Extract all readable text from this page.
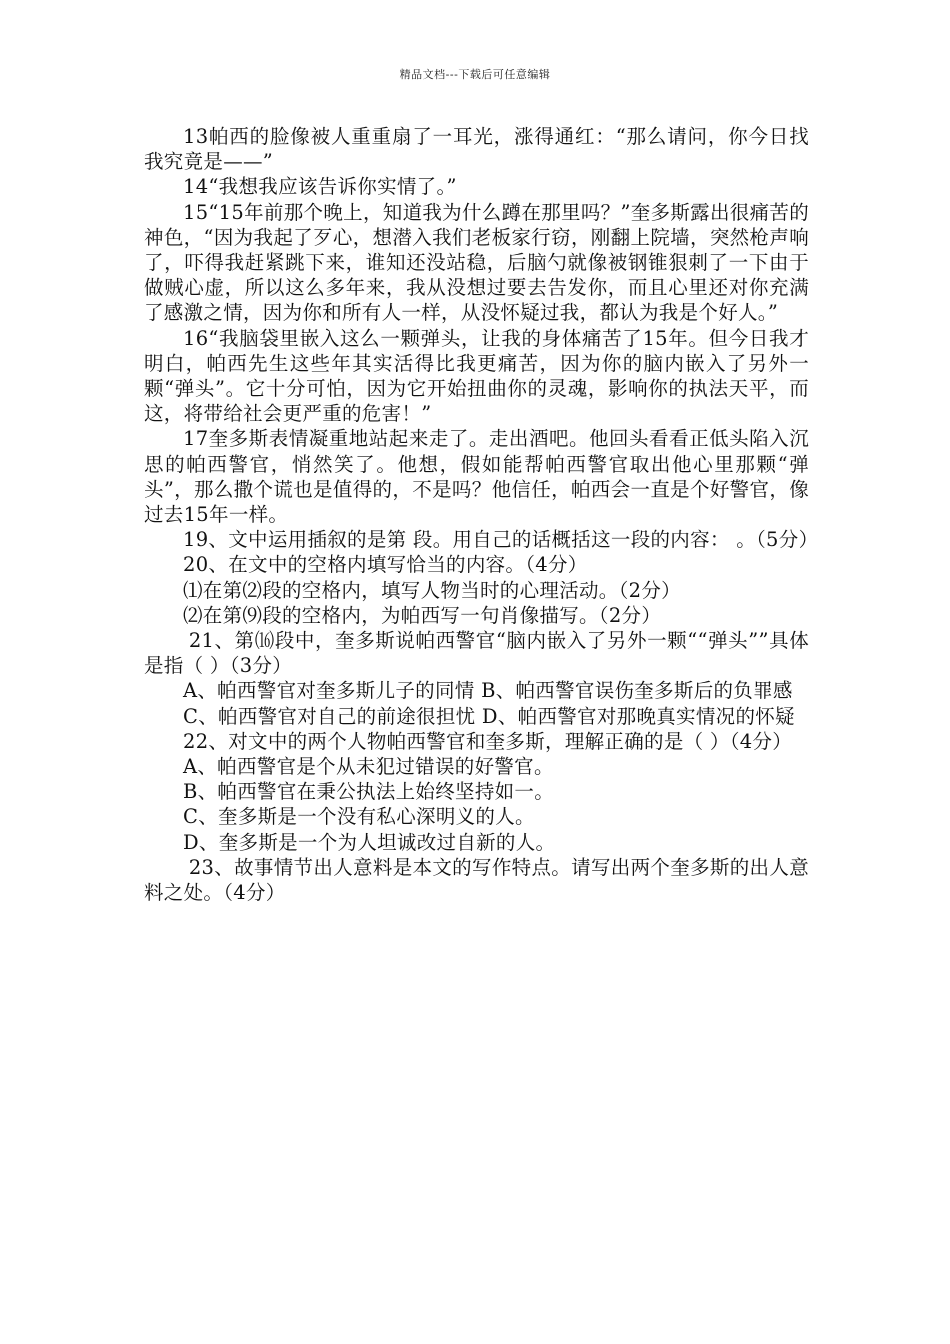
精品文档---下载后可任意编辑

13帕西的脸像被人重重扇了一耳光，涨得通红：“那么请问，你今日找我究竟是——”

14“我想我应该告诉你实情了。”

15“15年前那个晚上，知道我为什么蹲在那里吗？”奎多斯露出很痛苦的神色，“因为我起了歹心，想潜入我们老板家行窃，刚翻上院墙，突然枪声响了，吓得我赶紧跳下来，谁知还没站稳，后脑勺就像被钢锥狠刺了一下由于做贼心虚，所以这么多年来，我从没想过要去告发你，而且心里还对你充满了感激之情，因为你和所有人一样，从没怀疑过我，都认为我是个好人。”

16“我脑袋里嵌入这么一颗弹头，让我的身体痛苦了15年。但今日我才明白，帕西先生这些年其实活得比我更痛苦，因为你的脑内嵌入了另外一颗“弹头”。它十分可怕，因为它开始扭曲你的灵魂，影响你的执法天平，而这，将带给社会更严重的危害！”

17奎多斯表情凝重地站起来走了。走出酒吧。他回头看看正低头陷入沉思的帕西警官，悄然笑了。他想，假如能帮帕西警官取出他心里那颗“弹头”，那么撒个谎也是值得的，不是吗？他信任，帕西会一直是个好警官，像过去15年一样。

19、文中运用插叙的是第 段。用自己的话概括这一段的内容： 。（5分）

20、在文中的空格内填写恰当的内容。（4分）

⑴在第⑵段的空格内，填写人物当时的心理活动。（2分）

⑵在第⑼段的空格内，为帕西写一句肖像描写。（2分）

21、第⒃段中，奎多斯说帕西警官“脑内嵌入了另外一颗““弹头””具体是指（ ）（3分）

A、帕西警官对奎多斯儿子的同情 B、帕西警官误伤奎多斯后的负罪感

C、帕西警官对自己的前途很担忧 D、帕西警官对那晚真实情况的怀疑

22、对文中的两个人物帕西警官和奎多斯，理解正确的是（ ）（4分）

A、帕西警官是个从未犯过错误的好警官。

B、帕西警官在秉公执法上始终坚持如一。

C、奎多斯是一个没有私心深明义的人。

D、奎多斯是一个为人坦诚改过自新的人。

23、故事情节出人意料是本文的写作特点。请写出两个奎多斯的出人意料之处。（4分）
